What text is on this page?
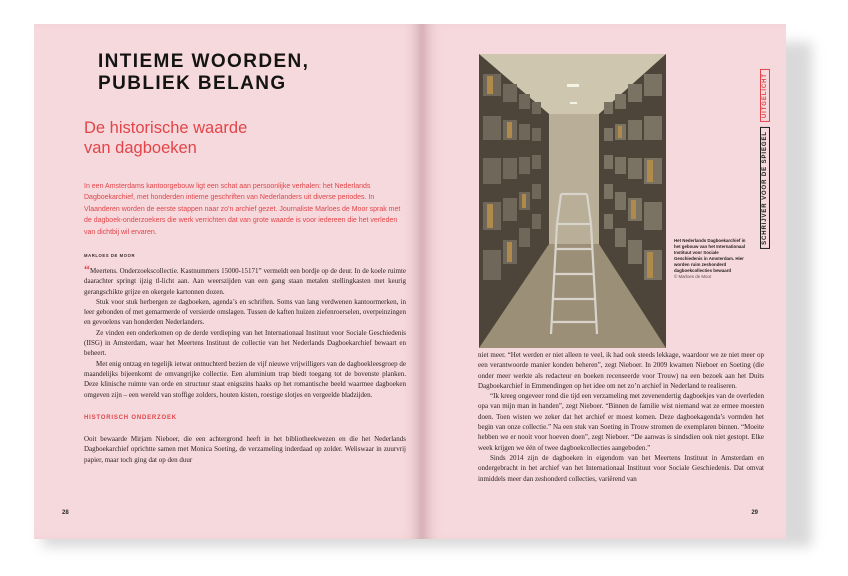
INTIEME WOORDEN,
PUBLIEK BELANG
De historische waarde
van dagboeken

In een Amsterdams kantoorgebouw ligt een schat aan persoonlijke verhalen: het Nederlands Dagboekarchief, met honderden intieme geschriften van Nederlanders uit diverse periodes. In Vlaanderen worden de eerste stappen naar zo’n archief gezet. Journaliste Marloes de Moor sprak met de dagboek-onderzoekers die werk verrichten dat van grote waarde is voor iedereen die het verleden van dichtbij wil ervaren.

MARLOES DE MOOR

“Meertens. Onderzoekscollectie. Kastnummers 15000-15171” vermeldt een bordje op de deur. In de koele ruimte daarachter springt ijzig tl-licht aan. Aan weerszijden van een gang staan metalen stellingkasten met keurig gerangschikte grijze en okergele kartonnen dozen.

Stuk voor stuk herbergen ze dagboeken, agenda’s en schriften. Soms van lang verdwenen kantoormerken, in leer gebonden of met gemarmerde of versierde omslagen. Tussen de kaften huizen ziefenroerselen, overpeinzingen en gevoelens van honderden Nederlanders.

Ze vinden een onderkomen op de derde verdieping van het Internationaal Instituut voor Sociale Geschiedenis (IISG) in Amsterdam, waar het Meertens Instituut de collectie van het Nederlands Dagboekarchief bewaart en beheert.

Met enig ontzag en tegelijk ietwat ontnuchterd bezien de vijf nieuwe vrijwilligers van de dagboekleesgroep de maandelijks bijeenkomt de omvangrijke collectie. Een aluminium trap biedt toegang tot de bovenste planken. Deze klinische ruimte van orde en structuur staat enigszins haaks op het romantische beeld waarmee dagboeken omgeven zijn – een wereld van stoffige zolders, houten kisten, roestige slotjes en vergeelde bladzijden.

HISTORISCH ONDERZOEK

Ooit bewaarde Mirjam Nieboer, die een achtergrond heeft in het bibliotheekwezen en die het Nederlands Dagboekarchief oprichtte samen met Monica Soeting, de verzameling inderdaad op zolder. Weliswaar in zuurvrij papier, maar toch ging dat op den duur

28
Het Nederlands Dagboekarchief in het gebouw van het Internationaal Instituut voor Sociale Geschiedenis in Amsterdam. Hier worden ruim zeshonderd dagboekcollecties bewaard
© Marloes de Moor
SCHRIJVER VOOR DE SPIEGEL
UITGELICHT

niet meer. “Het werden er niet alleen te veel, ik had ook steeds lekkage, waardoor we ze niet meer op een verantwoorde manier konden beheren”, zegt Nieboer. In 2009 kwamen Nieboer en Soeting (die onder meer werkte als redacteur en boeken recenseerde voor Trouw) na een bezoek aan het Duits Dagboekarchief in Emmendingen op het idee om net zo’n archief in Nederland te realiseren.

“Ik kreeg ongeveer rond die tijd een verzameling met zevenendertig dagboekjes van de overleden opa van mijn man in handen”, zegt Nieboer. “Binnen de familie wist niemand wat ze ermee moesten doen. Toen wisten we zeker dat het archief er moest komen. Deze dagboekagenda’s vormden het begin van onze collectie.” Na een stuk van Soeting in Trouw stromen de exemplaren binnen. “Moeite hebben we er nooit voor hoeven doen”, zegt Nieboer. “De aanwas is sindsdien ook niet gestopt. Elke week krijgen we één of twee dagboekcollecties aangeboden.”

Sinds 2014 zijn de dagboeken in eigendom van het Meertens Instituut in Amsterdam en ondergebracht in het archief van het Internationaal Instituut voor Sociale Geschiedenis. Dat omvat inmiddels meer dan zeshonderd collecties, variërend van

29
